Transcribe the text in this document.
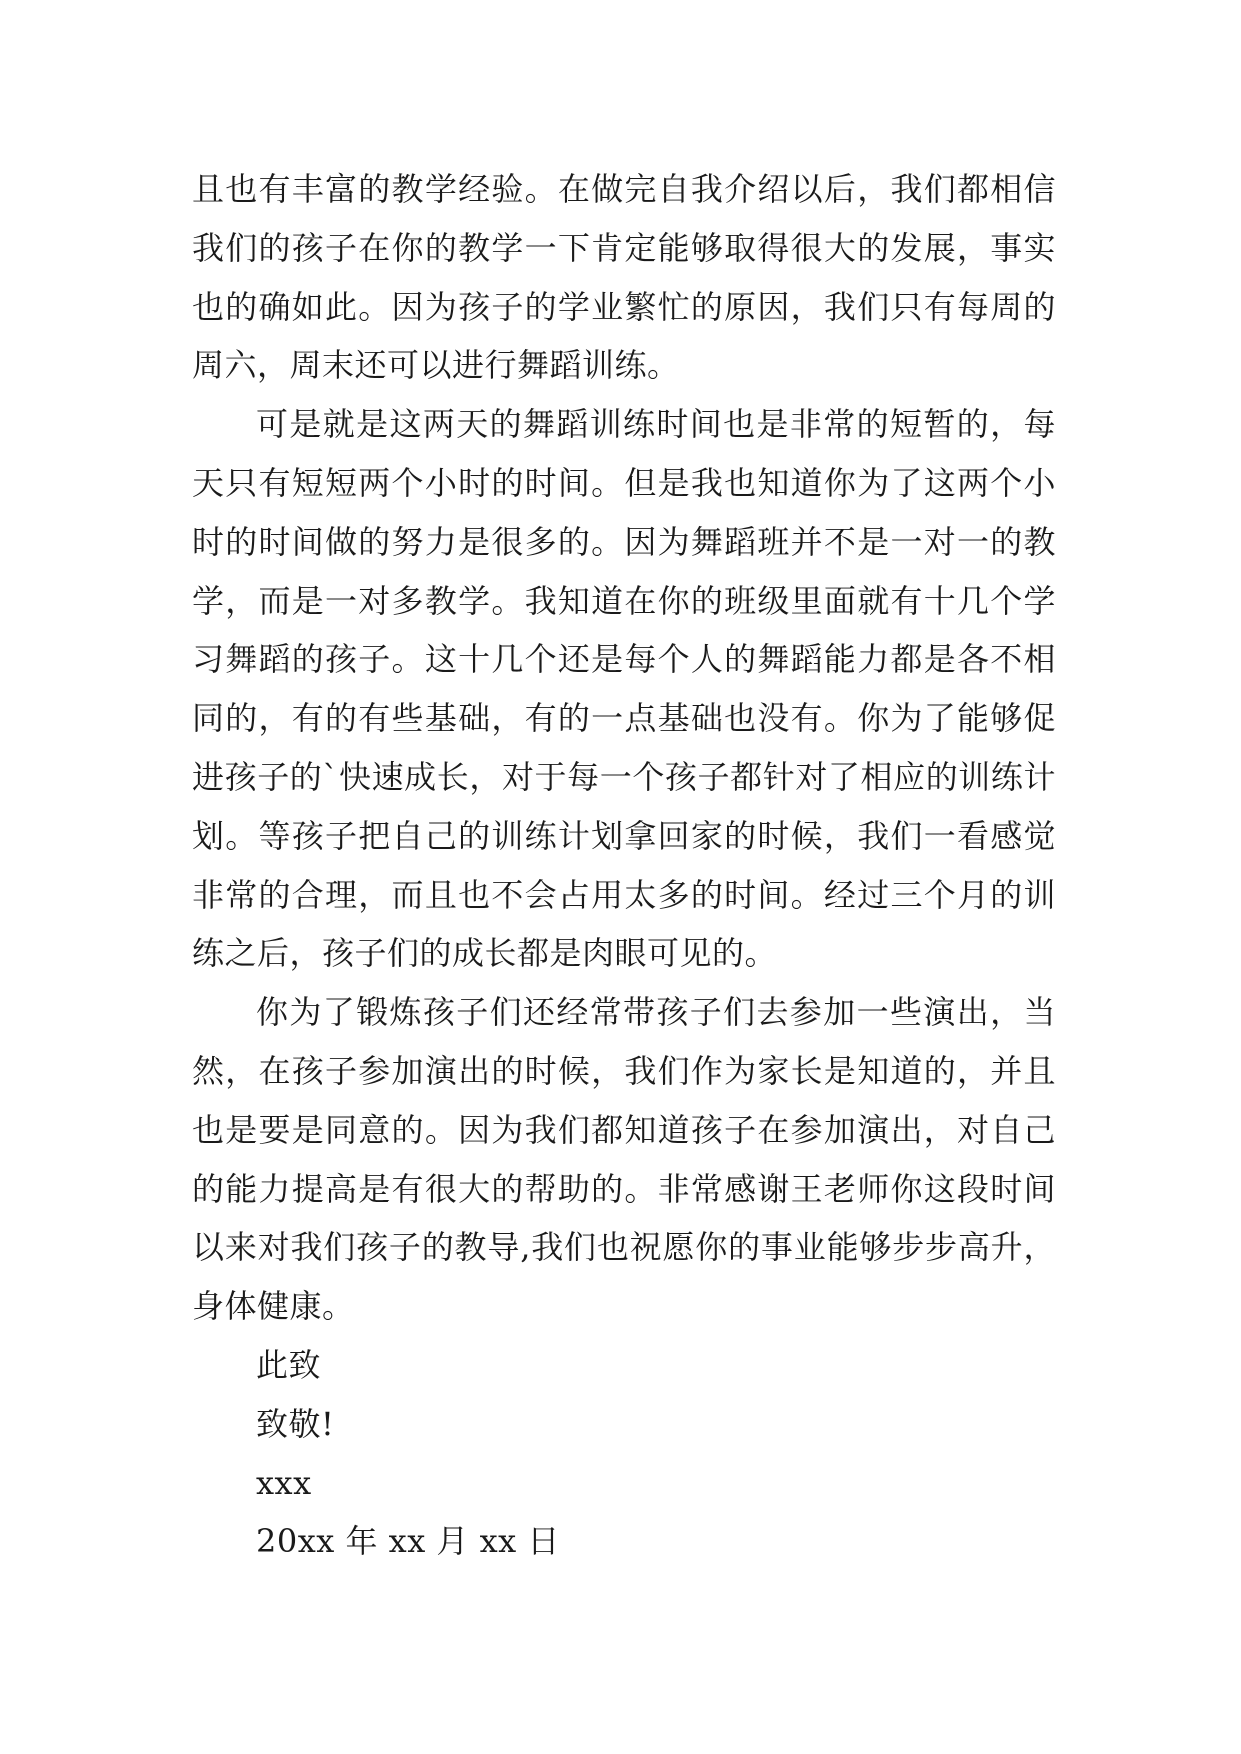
且也有丰富的教学经验。在做完自我介绍以后，我们都相信我们的孩子在你的教学一下肯定能够取得很大的发展，事实也的确如此。因为孩子的学业繁忙的原因，我们只有每周的周六，周末还可以进行舞蹈训练。

可是就是这两天的舞蹈训练时间也是非常的短暂的，每天只有短短两个小时的时间。但是我也知道你为了这两个小时的时间做的努力是很多的。因为舞蹈班并不是一对一的教学，而是一对多教学。我知道在你的班级里面就有十几个学习舞蹈的孩子。这十几个还是每个人的舞蹈能力都是各不相同的，有的有些基础，有的一点基础也没有。你为了能够促进孩子的`快速成长，对于每一个孩子都针对了相应的训练计划。等孩子把自己的训练计划拿回家的时候，我们一看感觉非常的合理，而且也不会占用太多的时间。经过三个月的训练之后，孩子们的成长都是肉眼可见的。

你为了锻炼孩子们还经常带孩子们去参加一些演出，当然，在孩子参加演出的时候，我们作为家长是知道的，并且也是要是同意的。因为我们都知道孩子在参加演出，对自己的能力提高是有很大的帮助的。非常感谢王老师你这段时间以来对我们孩子的教导,我们也祝愿你的事业能够步步高升，身体健康。

此致

致敬!

xxx

20xx 年 xx 月 xx 日
